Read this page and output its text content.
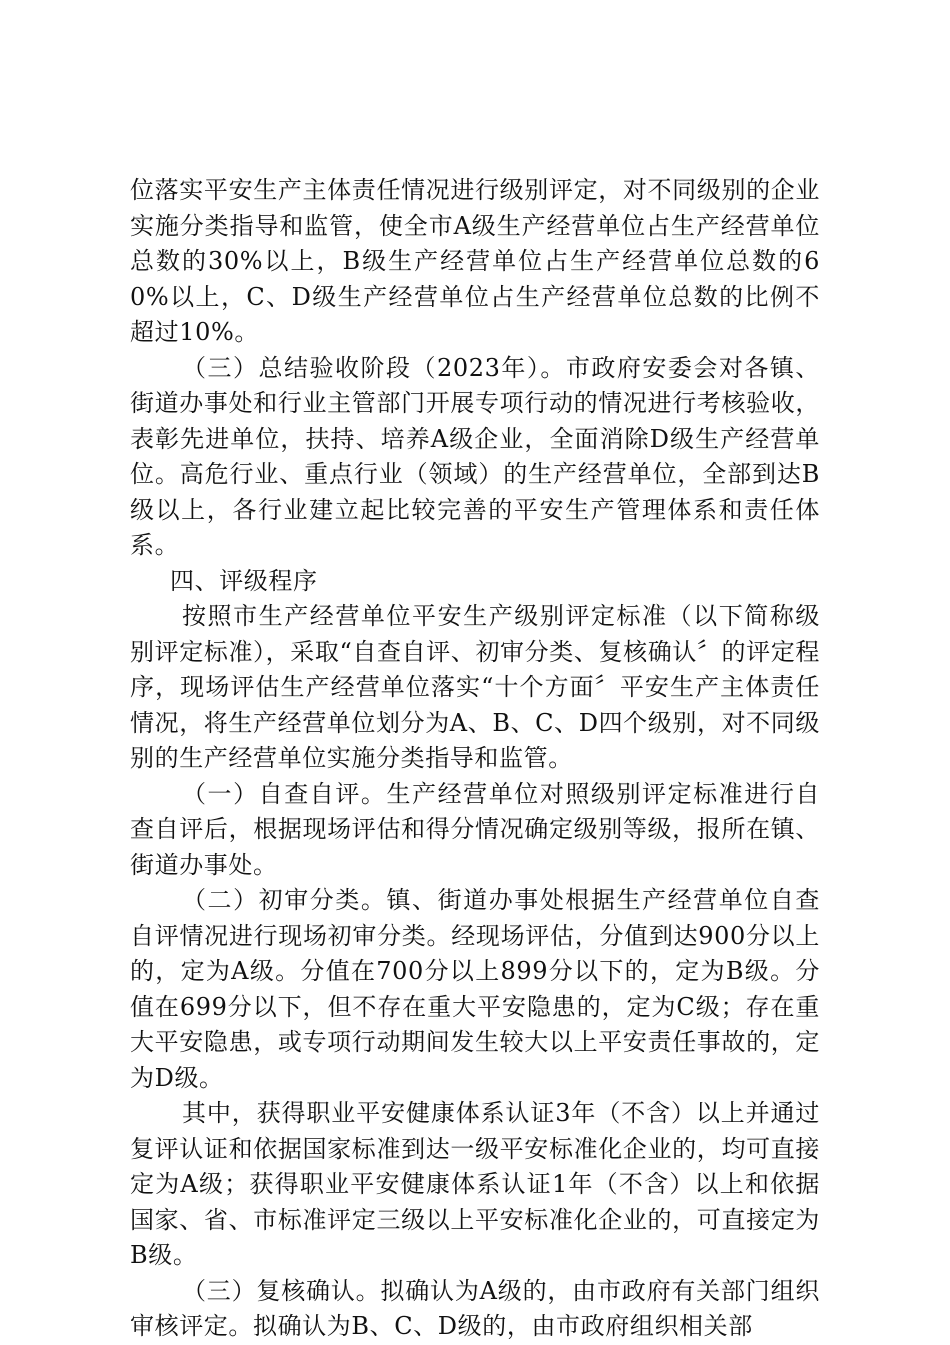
位落实平安生产主体责任情况进行级别评定，对不同级别的企业实施分类指导和监管，使全市A级生产经营单位占生产经营单位总数的30%以上，B级生产经营单位占生产经营单位总数的60%以上，C、D级生产经营单位占生产经营单位总数的比例不超过10%。

（三）总结验收阶段（2023年）。市政府安委会对各镇、街道办事处和行业主管部门开展专项行动的情况进行考核验收，表彰先进单位，扶持、培养A级企业，全面消除D级生产经营单位。高危行业、重点行业（领域）的生产经营单位，全部到达B级以上，各行业建立起比较完善的平安生产管理体系和责任体系。

四、评级程序

按照市生产经营单位平安生产级别评定标准（以下简称级别评定标准），采取“自查自评、初审分类、复核确认〞的评定程序，现场评估生产经营单位落实“十个方面〞平安生产主体责任情况，将生产经营单位划分为A、B、C、D四个级别，对不同级别的生产经营单位实施分类指导和监管。

（一）自查自评。生产经营单位对照级别评定标准进行自查自评后，根据现场评估和得分情况确定级别等级，报所在镇、街道办事处。

（二）初审分类。镇、街道办事处根据生产经营单位自查自评情况进行现场初审分类。经现场评估，分值到达900分以上的，定为A级。分值在700分以上899分以下的，定为B级。分值在699分以下，但不存在重大平安隐患的，定为C级；存在重大平安隐患，或专项行动期间发生较大以上平安责任事故的，定为D级。

其中，获得职业平安健康体系认证3年（不含）以上并通过复评认证和依据国家标准到达一级平安标准化企业的，均可直接定为A级；获得职业平安健康体系认证1年（不含）以上和依据国家、省、市标准评定三级以上平安标准化企业的，可直接定为B级。

（三）复核确认。拟确认为A级的，由市政府有关部门组织审核评定。拟确认为B、C、D级的，由市政府组织相关部
